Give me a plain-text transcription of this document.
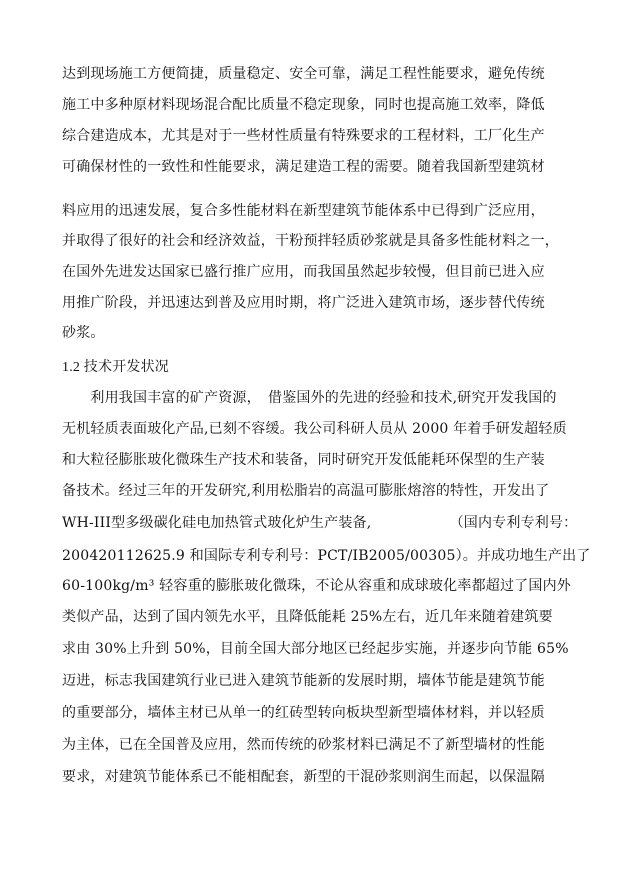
达到现场施工方便简捷，质量稳定、安全可靠，满足工程性能要求，避免传统
施工中多种原材料现场混合配比质量不稳定现象，同时也提高施工效率，降低
综合建造成本，尤其是对于一些材性质量有特殊要求的工程材料，工厂化生产
可确保材性的一致性和性能要求，满足建造工程的需要。随着我国新型建筑材
料应用的迅速发展，复合多性能材料在新型建筑节能体系中已得到广泛应用，
并取得了很好的社会和经济效益，干粉预拌轻质砂浆就是具备多性能材料之一，
在国外先进发达国家已盛行推广应用，而我国虽然起步较慢，但目前已进入应
用推广阶段，并迅速达到普及应用时期，将广泛进入建筑市场，逐步替代传统
砂浆。
1.2 技术开发状况
　　利用我国丰富的矿产资源，　借鉴国外的先进的经验和技术,研究开发我国的
无机轻质表面玻化产品,已刻不容缓。我公司科研人员从 2000 年着手研发超轻质
和大粒径膨胀玻化微珠生产技术和装备，同时研究开发低能耗环保型的生产装
备技术。经过三年的开发研究,利用松脂岩的高温可膨胀熔溶的特性，开发出了
WH-III型多级碳化硅电加热管式玻化炉生产装备,　　　　　　（国内专利专利号：
200420112625.9 和国际专利专利号：PCT/IB2005/00305）。并成功地生产出了
60-100kg/m³ 轻容重的膨胀玻化微珠，不论从容重和成球玻化率都超过了国内外
类似产品，达到了国内领先水平，且降低能耗 25%左右，近几年来随着建筑要
求由 30%上升到 50%，目前全国大部分地区已经起步实施，并逐步向节能 65%
迈进，标志我国建筑行业已进入建筑节能新的发展时期，墙体节能是建筑节能
的重要部分，墙体主材已从单一的红砖型转向板块型新型墙体材料，并以轻质
为主体，已在全国普及应用，然而传统的砂浆材料已满足不了新型墙材的性能
要求，对建筑节能体系已不能相配套，新型的干混砂浆则润生而起，以保温隔
